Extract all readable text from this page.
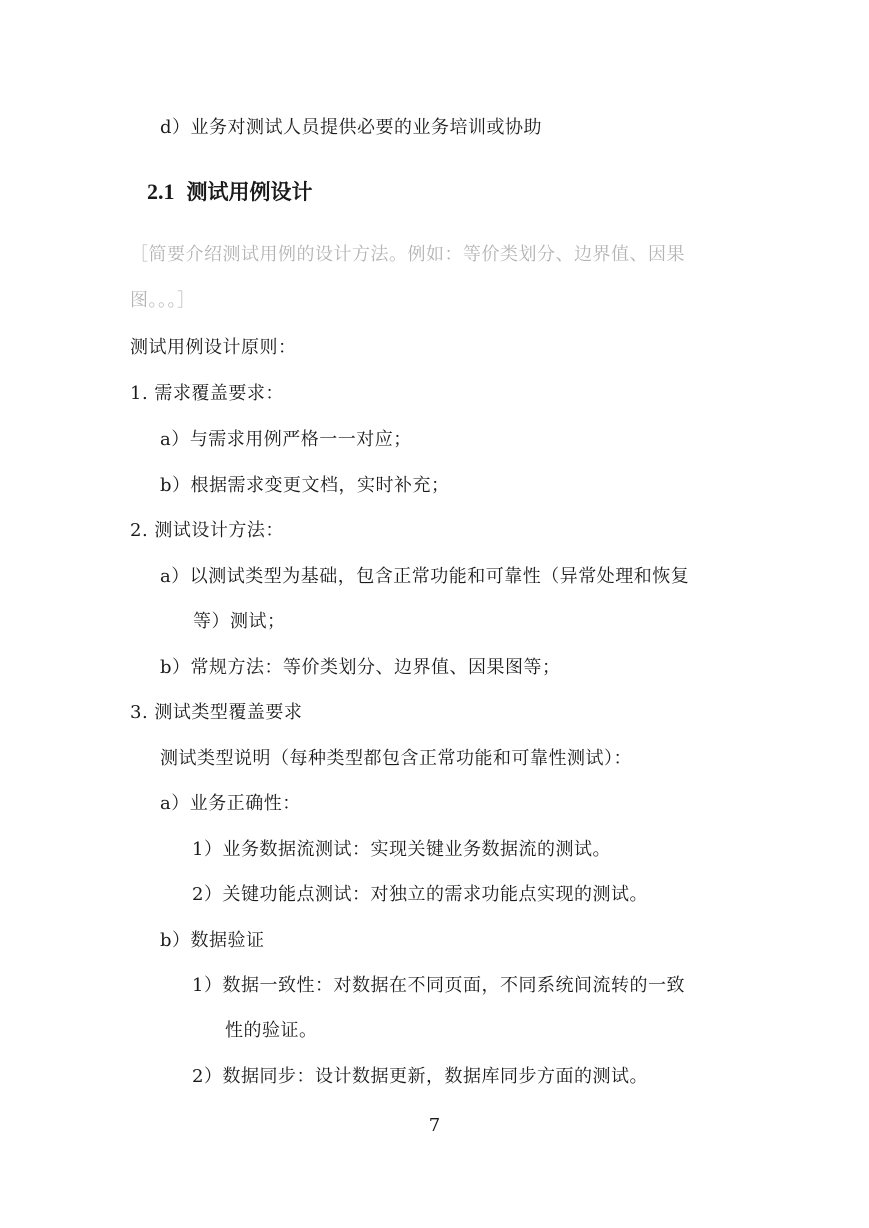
d）业务对测试人员提供必要的业务培训或协助
2.1 测试用例设计
［简要介绍测试用例的设计方法。例如：等价类划分、边界值、因果
图。。。］
测试用例设计原则：
1. 需求覆盖要求：
a）与需求用例严格一一对应；
b）根据需求变更文档，实时补充；
2. 测试设计方法：
a）以测试类型为基础，包含正常功能和可靠性（异常处理和恢复
等）测试；
b）常规方法：等价类划分、边界值、因果图等；
3. 测试类型覆盖要求
测试类型说明（每种类型都包含正常功能和可靠性测试）：
a）业务正确性：
1）业务数据流测试：实现关键业务数据流的测试。
2）关键功能点测试：对独立的需求功能点实现的测试。
b）数据验证
1）数据一致性：对数据在不同页面，不同系统间流转的一致
性的验证。
2）数据同步：设计数据更新，数据库同步方面的测试。
7
